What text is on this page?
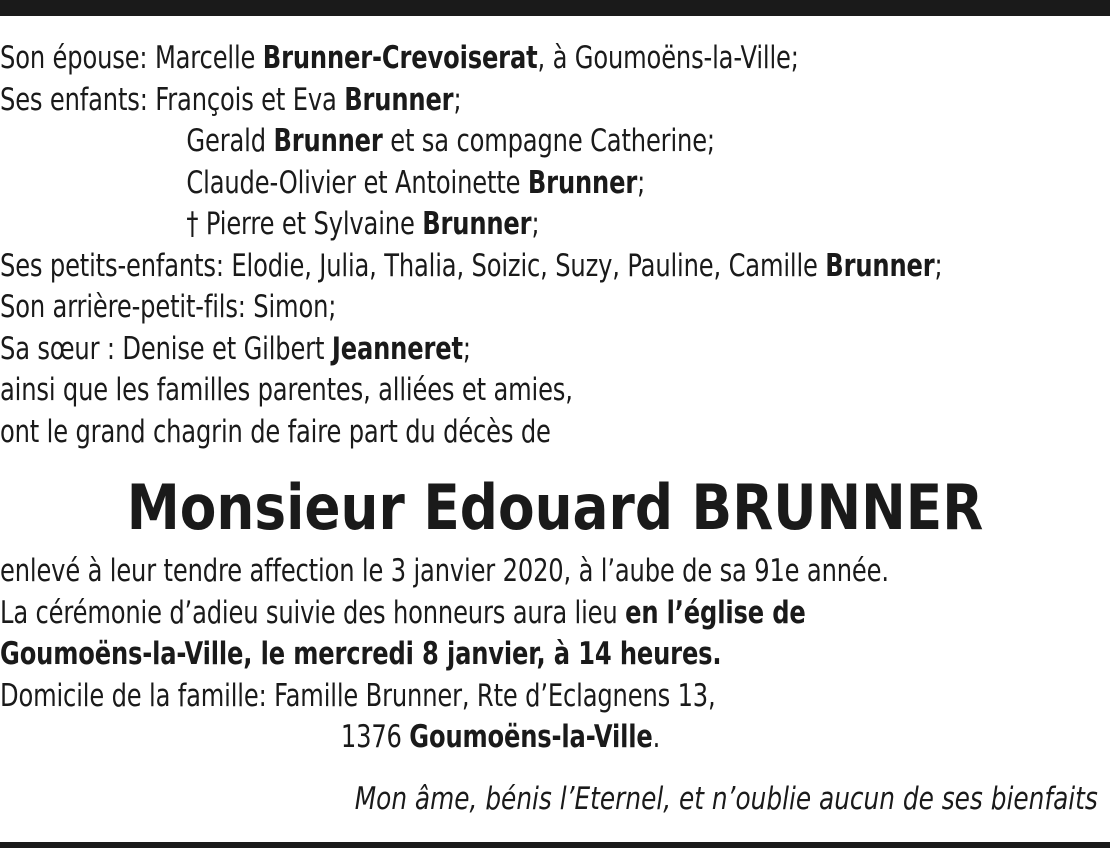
Son épouse: Marcelle Brunner-Crevoiserat, à Goumoëns-la-Ville;
Ses enfants: François et Eva Brunner;
Gerald Brunner et sa compagne Catherine;
Claude-Olivier et Antoinette Brunner;
† Pierre et Sylvaine Brunner;
Ses petits-enfants: Elodie, Julia, Thalia, Soizic, Suzy, Pauline, Camille Brunner;
Son arrière-petit-fils: Simon;
Sa sœur : Denise et Gilbert Jeanneret;
ainsi que les familles parentes, alliées et amies,
ont le grand chagrin de faire part du décès de
Monsieur Edouard BRUNNER
enlevé à leur tendre affection le 3 janvier 2020, à l’aube de sa 91e année.
La cérémonie d’adieu suivie des honneurs aura lieu en l’église de
Goumoëns-la-Ville, le mercredi 8 janvier, à 14 heures.
Domicile de la famille: Famille Brunner, Rte d’Eclagnens 13,
1376 Goumoëns-la-Ville.
Mon âme, bénis l’Eternel, et n’oublie aucun de ses bienfaits
